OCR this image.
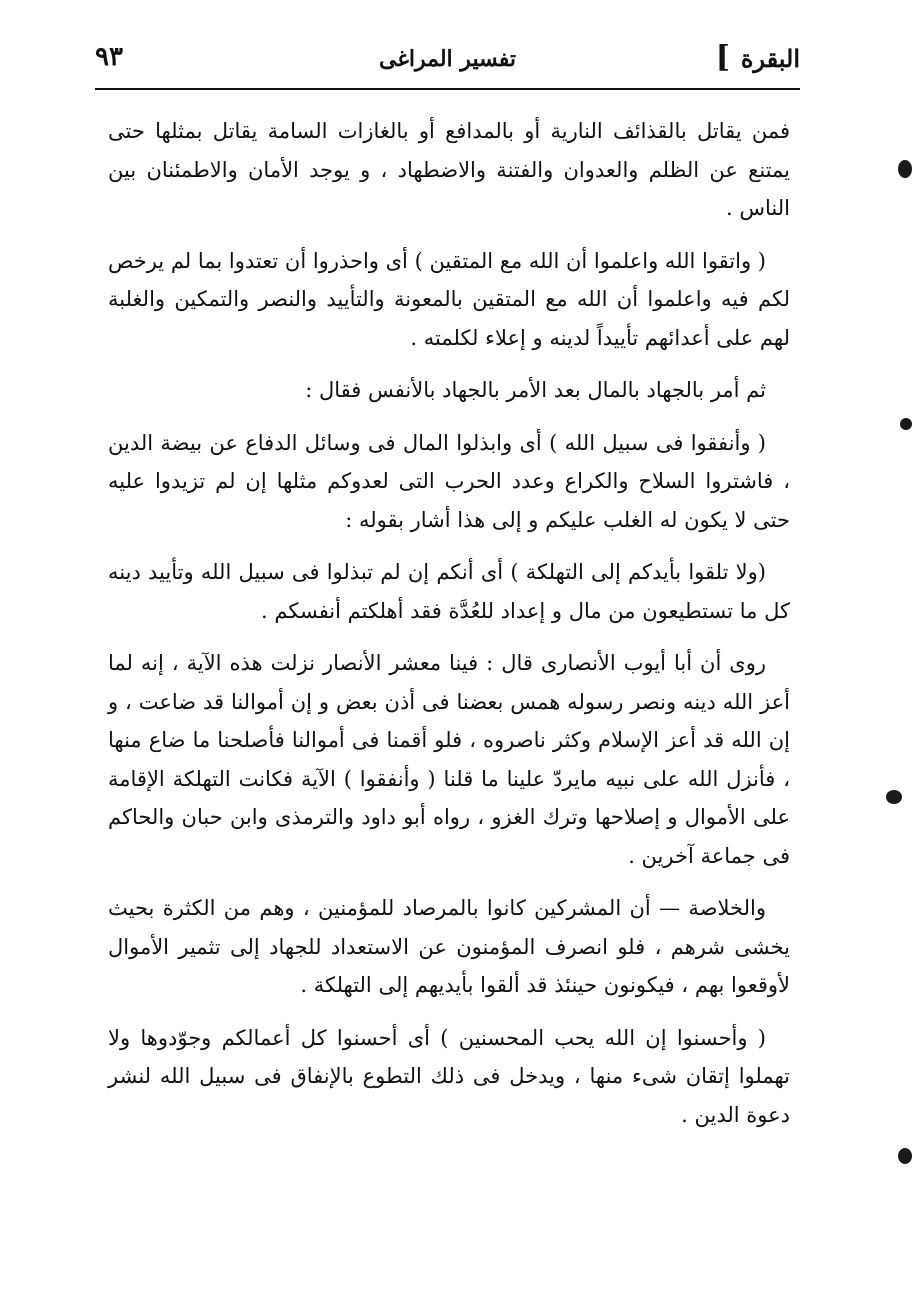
البقرة
]
تفسير المراغى
٩٣

فمن يقاتل بالقذائف النارية أو بالمدافع أو بالغازات السامة يقاتل بمثلها حتى يمتنع عن الظلم والعدوان والفتنة والاضطهاد ، و يوجد الأمان والاطمئنان بين الناس .

( واتقوا الله واعلموا أن الله مع المتقين ) أى واحذروا أن تعتدوا بما لم يرخص لكم فيه واعلموا أن الله مع المتقين بالمعونة والتأييد والنصر والتمكين والغلبة لهم على أعدائهم تأييداً لدينه و إعلاء لكلمته .

ثم أمر بالجهاد بالمال بعد الأمر بالجهاد بالأنفس فقال :

( وأنفقوا فى سبيل الله ) أى وابذلوا المال فى وسائل الدفاع عن بيضة الدين ، فاشتروا السلاح والكراع وعدد الحرب التى لعدوكم مثلها إن لم تزيدوا عليه حتى لا يكون له الغلب عليكم و إلى هذا أشار بقوله :

(ولا تلقوا بأيدكم إلى التهلكة ) أى أنكم إن لم تبذلوا فى سبيل الله وتأييد دينه كل ما تستطيعون من مال و إعداد للعُدَّة فقد أهلكتم أنفسكم .

روى أن أبا أيوب الأنصارى قال : فينا معشر الأنصار نزلت هذه الآية ، إنه لما أعز الله دينه ونصر رسوله همس بعضنا فى أذن بعض و إن أموالنا قد ضاعت ، و إن الله قد أعز الإسلام وكثر ناصروه ، فلو أقمنا فى أموالنا فأصلحنا ما ضاع منها ، فأنزل الله على نبيه مايردّ علينا ما قلنا ( وأنفقوا ) الآية فكانت التهلكة الإقامة على الأموال و إصلاحها وترك الغزو ، رواه أبو داود والترمذى وابن حبان والحاكم فى جماعة آخرين .

والخلاصة — أن المشركين كانوا بالمرصاد للمؤمنين ، وهم من الكثرة بحيث يخشى شرهم ، فلو انصرف المؤمنون عن الاستعداد للجهاد إلى تثمير الأموال لأوقعوا بهم ، فيكونون حينئذ قد ألقوا بأيديهم إلى التهلكة .

( وأحسنوا إن الله يحب المحسنين ) أى أحسنوا كل أعمالكم وجوّدوها ولا تهملوا إتقان شىء منها ، ويدخل فى ذلك التطوع بالإنفاق فى سبيل الله لنشر دعوة الدين .
